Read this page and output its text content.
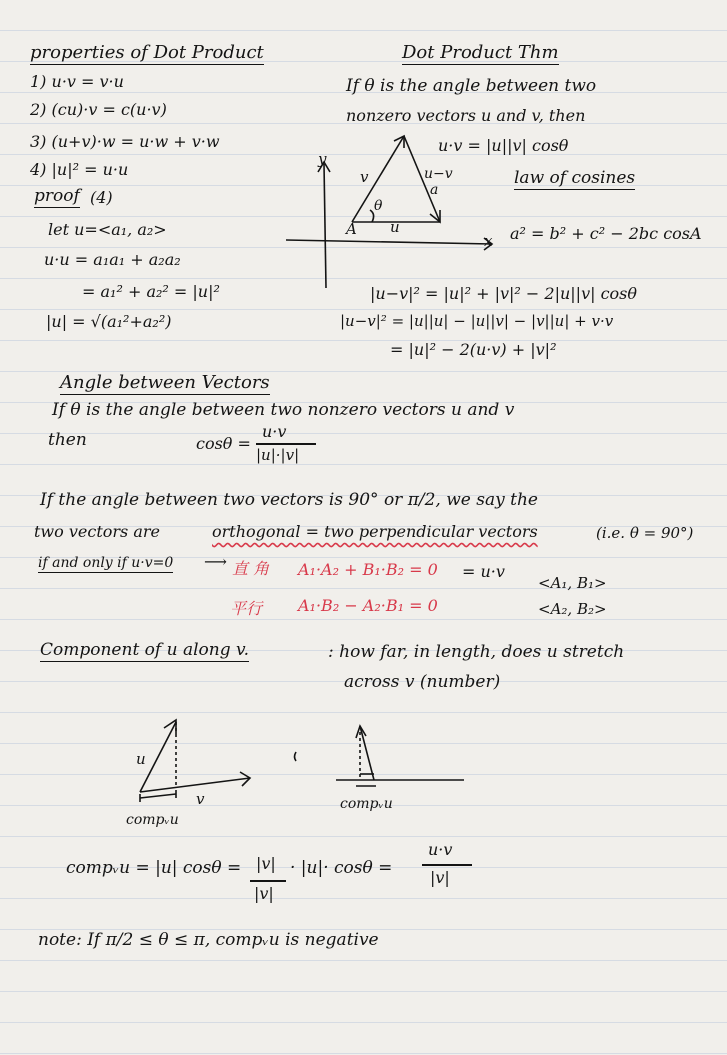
properties of Dot Product
1) u·v = v·u
2) (cu)·v = c(u·v)
3) (u+v)·w = u·w + v·w
4) |u|² = u·u
proof (4)
let u=<a₁, a₂>
u·u = a₁a₁ + a₂a₂
= a₁² + a₂² = |u|²
|u| = √(a₁²+a₂²)
Dot Product Thm
If θ is the angle between two
nonzero vectors u and v, then
u·v = |u||v| cosθ
law of cosines
a² = b² + c² − 2bc cosA
y
x
v
u
u−v
a
A
θ
|u−v|² = |u|² + |v|² − 2|u||v| cosθ
|u−v|² = |u||u| − |u||v| − |v||u| + v·v
= |u|² − 2(u·v) + |v|²
Angle between Vectors
If θ is the angle between two nonzero vectors u and v
then	cosθ =
u·v
|u|·|v|
If the angle between two vectors is 90° or π/2, we say the
two vectors are	orthogonal = two perpendicular vectors	(i.e. θ = 90°)
if and only if u·v=0 ⟶ 直 角 A₁·A₂ + B₁·B₂ = 0 = u·v
<A₁, B₁>
平行 A₁·B₂ − A₂·B₁ = 0	<A₂, B₂>
Component of u along v.	: how far, in length, does u stretch
across v (number)
u
v
compᵥu
compᵥu
compᵥu = |u| cosθ = |v| · |u|· cosθ =
|v|
u·v
|v|
note: If π/2 ≤ θ ≤ π, compᵥu is negative
